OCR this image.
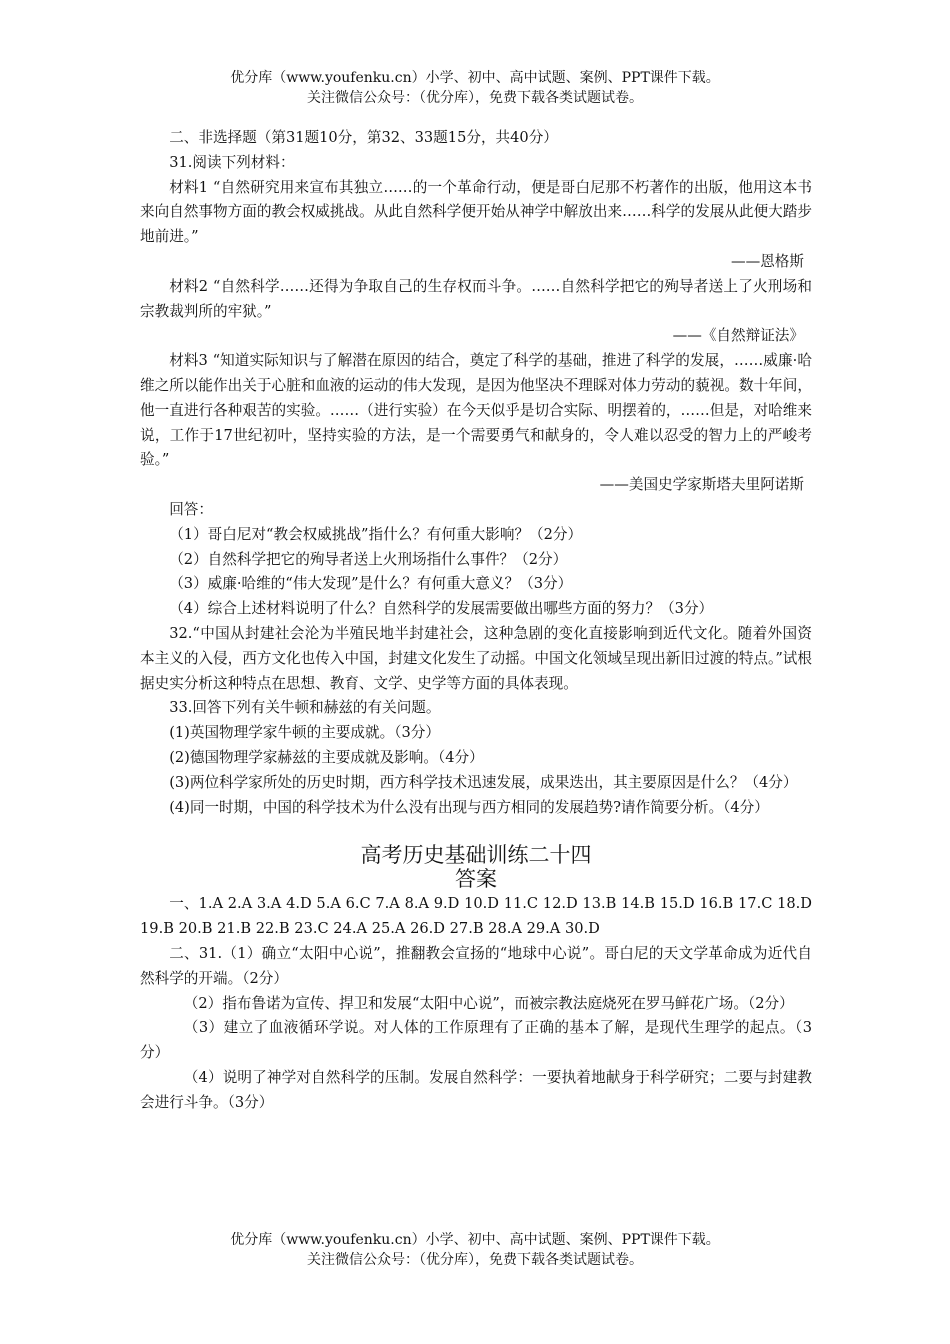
优分库（www.youfenku.cn）小学、初中、高中试题、案例、PPT课件下载。
关注微信公众号：（优分库），免费下载各类试题试卷。

二、非选择题（第31题10分，第32、33题15分，共40分）

31.阅读下列材料：

材料1 “自然研究用来宣布其独立……的一个革命行动，便是哥白尼那不朽著作的出版，他用这本书来向自然事物方面的教会权威挑战。从此自然科学便开始从神学中解放出来……科学的发展从此便大踏步地前进。”

——恩格斯

材料2 “自然科学……还得为争取自己的生存权而斗争。……自然科学把它的殉导者送上了火刑场和宗教裁判所的牢狱。”

——《自然辩证法》

材料3 “知道实际知识与了解潜在原因的结合，奠定了科学的基础，推进了科学的发展，……威廉·哈维之所以能作出关于心脏和血液的运动的伟大发现，是因为他坚决不理睬对体力劳动的藐视。数十年间，他一直进行各种艰苦的实验。……（进行实验）在今天似乎是切合实际、明摆着的，……但是，对哈维来说，工作于17世纪初叶，坚持实验的方法，是一个需要勇气和献身的，令人难以忍受的智力上的严峻考验。”

——美国史学家斯塔夫里阿诺斯

回答：

（1）哥白尼对“教会权威挑战”指什么？有何重大影响？（2分）

（2）自然科学把它的殉导者送上火刑场指什么事件？（2分）

（3）威廉·哈维的“伟大发现”是什么？有何重大意义？（3分）

（4）综合上述材料说明了什么？自然科学的发展需要做出哪些方面的努力？（3分）

32.“中国从封建社会沦为半殖民地半封建社会，这种急剧的变化直接影响到近代文化。随着外国资本主义的入侵，西方文化也传入中国，封建文化发生了动摇。中国文化领域呈现出新旧过渡的特点。”试根据史实分析这种特点在思想、教育、文学、史学等方面的具体表现。

33.回答下列有关牛顿和赫兹的有关问题。

(1)英国物理学家牛顿的主要成就。（3分）

(2)德国物理学家赫兹的主要成就及影响。（4分）

(3)两位科学家所处的历史时期，西方科学技术迅速发展，成果迭出，其主要原因是什么？（4分）

(4)同一时期，中国的科学技术为什么没有出现与西方相同的发展趋势?请作简要分析。（4分）

高考历史基础训练二十四

答案

一、1.A 2.A 3.A 4.D 5.A 6.C 7.A 8.A 9.D 10.D 11.C 12.D 13.B 14.B 15.D 16.B 17.C 18.D 19.B 20.B 21.B 22.B 23.C 24.A 25.A 26.D 27.B 28.A 29.A 30.D

二、31.（1）确立“太阳中心说”，推翻教会宣扬的“地球中心说”。哥白尼的天文学革命成为近代自然科学的开端。（2分）

（2）指布鲁诺为宣传、捍卫和发展“太阳中心说”，而被宗教法庭烧死在罗马鲜花广场。（2分）

（3）建立了血液循环学说。对人体的工作原理有了正确的基本了解，是现代生理学的起点。（3分）

（4）说明了神学对自然科学的压制。发展自然科学：一要执着地献身于科学研究；二要与封建教会进行斗争。（3分）

优分库（www.youfenku.cn）小学、初中、高中试题、案例、PPT课件下载。
关注微信公众号：（优分库），免费下载各类试题试卷。
